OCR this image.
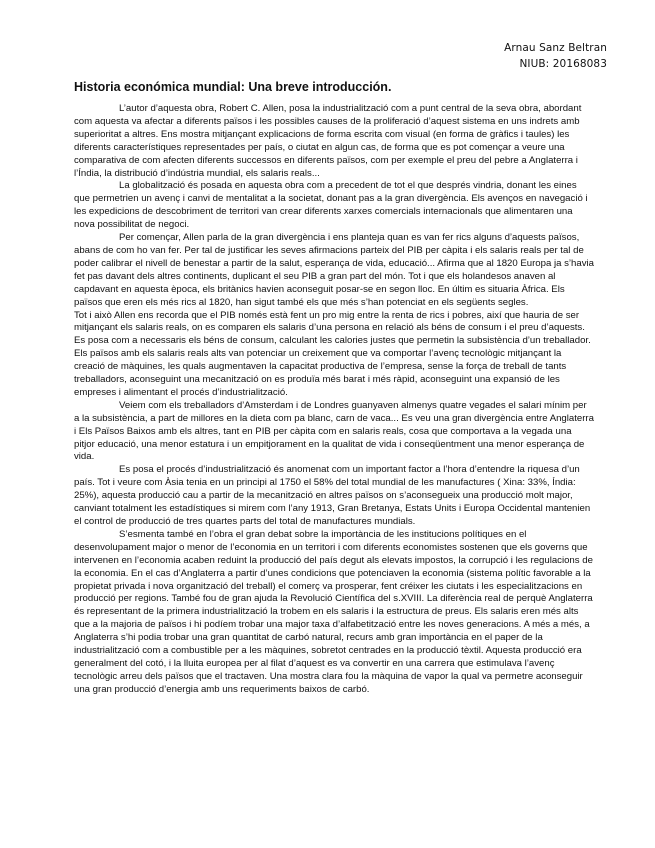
Arnau Sanz Beltran
NIUB: 20168083
Historia económica mundial: Una breve introducción.

L’autor d’aquesta obra, Robert C. Allen, posa la industrialització com a punt central de la seva obra, abordant com aquesta va afectar a diferents països i les possibles causes de la proliferació d’aquest sistema en uns indrets amb superioritat a altres. Ens mostra mitjançant explicacions de forma escrita com visual (en forma de gràfics i taules) les diferents característiques representades per país, o ciutat en algun cas, de forma que es pot començar a veure una comparativa de com afecten diferents successos en diferents països, com per exemple el preu del pebre a Anglaterra i l’Índia, la distribució d’indústria mundial, els salaris reals...

La globalització és posada en aquesta obra com a precedent de tot el que després vindria, donant les eines que permetrien un avenç i canvi de mentalitat a la societat, donant pas a la gran divergència. Els avenços en navegació i les expedicions de descobriment de territori van crear diferents xarxes comercials internacionals que alimentaren una nova possibilitat de negoci.

Per començar, Allen parla de la gran divergència i ens planteja quan es van fer rics alguns d’aquests països, abans de com ho van fer. Per tal de justificar les seves afirmacions parteix del PIB per càpita i els salaris reals per tal de poder calibrar el nivell de benestar a partir de la salut, esperança de vida, educació... Afirma que al 1820 Europa ja s’havia fet pas davant dels altres continents, duplicant el seu PIB a gran part del món. Tot i que els holandesos anaven al capdavant en aquesta època, els britànics havien aconseguit posar-se en segon lloc. En últim es situaria Àfrica. Els països que eren els més rics al 1820, han sigut també els que més s’han potenciat en els següents segles.

Tot i això Allen ens recorda que el PIB només està fent un pro mig entre la renta de rics i pobres, així que hauria de ser mitjançant els salaris reals, on es comparen els salaris d’una persona en relació als béns de consum i el preu d’aquests. Es posa com a necessaris els béns de consum, calculant les calories justes que permetin la subsistència d’un treballador. Els països amb els salaris reals alts van potenciar un creixement que va comportar l’avenç tecnològic mitjançant la creació de màquines, les quals augmentaven la capacitat productiva de l’empresa, sense la força de treball de tants treballadors, aconseguint una mecanització on es produïa més barat i més ràpid, aconseguint una expansió de les empreses i alimentant el procés d’industrialització.

Veiem com els treballadors d’Amsterdam i de Londres guanyaven almenys quatre vegades el salari mínim per a la subsistència, a part de millores en la dieta com pa blanc, carn de vaca... Es veu una gran divergència entre Anglaterra i Els Països Baixos amb els altres, tant en PIB per càpita com en salaris reals, cosa que comportava a la vegada una pitjor educació, una menor estatura i un empitjorament en la qualitat de vida i conseqüentment una menor esperança de vida.

Es posa el procés d’industrialització és anomenat com un important factor a l’hora d’entendre la riquesa d’un país. Tot i veure com Àsia tenia en un principi al 1750 el 58% del total mundial de les manufactures ( Xina: 33%, Índia: 25%), aquesta producció cau a partir de la mecanització en altres països on s’aconsegueix una producció molt major, canviant totalment les estadístiques si mirem com l’any 1913, Gran Bretanya, Estats Units i Europa Occidental mantenien el control de producció de tres quartes parts del total de manufactures mundials.

S’esmenta també en l’obra el gran debat sobre la importància de les institucions polítiques en el desenvolupament major o menor de l’economia en un territori i com diferents economistes sostenen que els governs que intervenen en l’economia acaben reduint la producció del país degut als elevats impostos, la corrupció i les regulacions de la economia. En el cas d’Anglaterra a partir d’unes condicions que potenciaven la economia (sistema polític favorable a la propietat privada i nova organització del treball) el comerç va prosperar, fent créixer les ciutats i les especialitzacions en producció per regions. També fou de gran ajuda la Revolució Científica del s.XVIII. La diferència real de perquè Anglaterra és representant de la primera industrialització la trobem en els salaris i la estructura de preus. Els salaris eren més alts que a la majoria de països i hi podíem trobar una major taxa d’alfabetització entre les noves generacions. A més a més, a Anglaterra s’hi podia trobar una gran quantitat de carbó natural, recurs amb gran importància en el paper de la industrialització com a combustible per a les màquines, sobretot centrades en la producció tèxtil. Aquesta producció era generalment del cotó, i la lluita europea per al filat d’aquest es va convertir en una carrera que estimulava l’avenç tecnològic arreu dels països que el tractaven. Una mostra clara fou la màquina de vapor la qual va permetre aconseguir una gran producció d’energia amb uns requeriments baixos de carbó.
